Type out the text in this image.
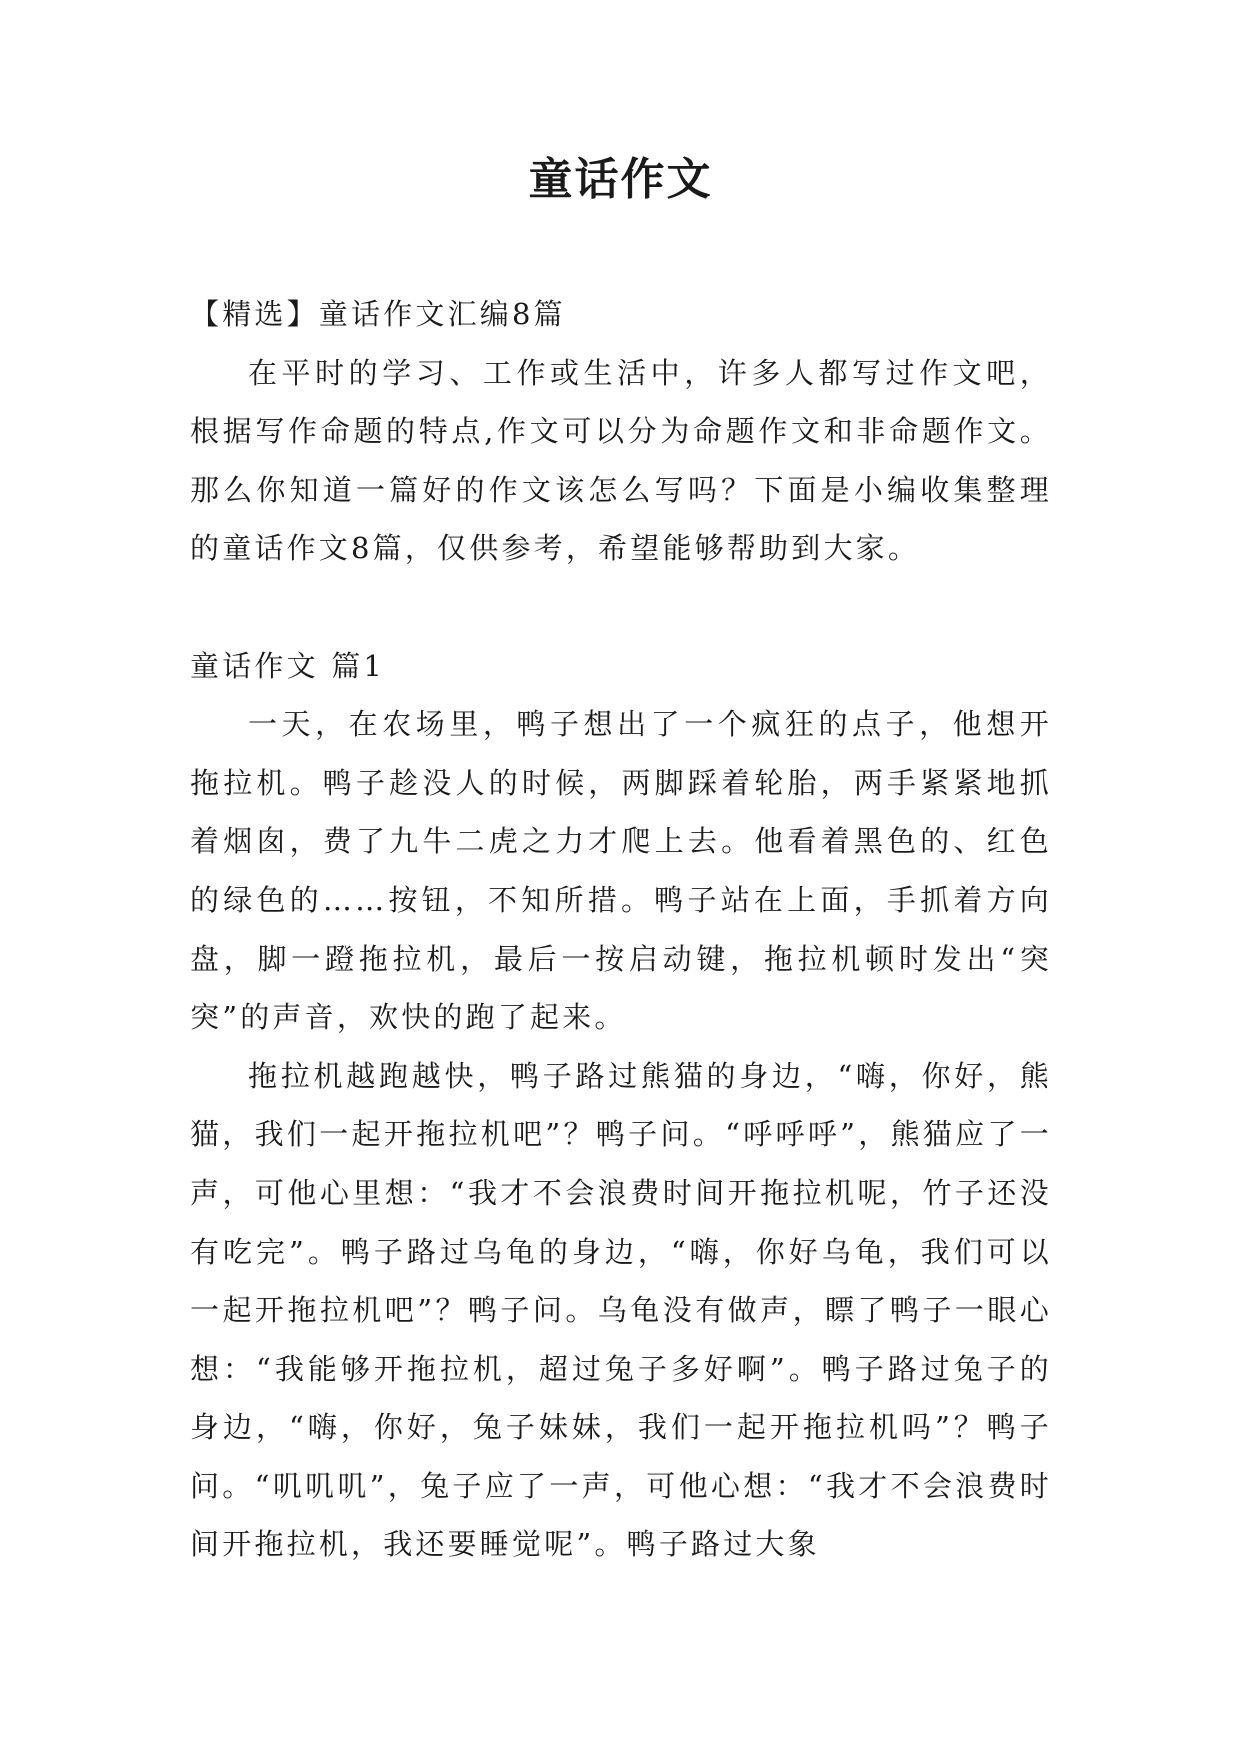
童话作文

【精选】童话作文汇编8篇

在平时的学习、工作或生活中，许多人都写过作文吧，根据写作命题的特点,作文可以分为命题作文和非命题作文。那么你知道一篇好的作文该怎么写吗？下面是小编收集整理的童话作文8篇，仅供参考，希望能够帮助到大家。

童话作文 篇1

一天，在农场里，鸭子想出了一个疯狂的点子，他想开拖拉机。鸭子趁没人的时候，两脚踩着轮胎，两手紧紧地抓着烟囱，费了九牛二虎之力才爬上去。他看着黑色的、红色的绿色的……按钮，不知所措。鸭子站在上面，手抓着方向盘，脚一蹬拖拉机，最后一按启动键，拖拉机顿时发出“突突”的声音，欢快的跑了起来。

拖拉机越跑越快，鸭子路过熊猫的身边，“嗨，你好，熊猫，我们一起开拖拉机吧”？鸭子问。“呼呼呼”，熊猫应了一声，可他心里想：“我才不会浪费时间开拖拉机呢，竹子还没有吃完”。鸭子路过乌龟的身边，“嗨，你好乌龟，我们可以一起开拖拉机吧”？鸭子问。乌龟没有做声，瞟了鸭子一眼心想：“我能够开拖拉机，超过兔子多好啊”。鸭子路过兔子的身边，“嗨，你好，兔子妹妹，我们一起开拖拉机吗”？鸭子问。“叽叽叽”，兔子应了一声，可他心想：“我才不会浪费时间开拖拉机，我还要睡觉呢”。鸭子路过大象
